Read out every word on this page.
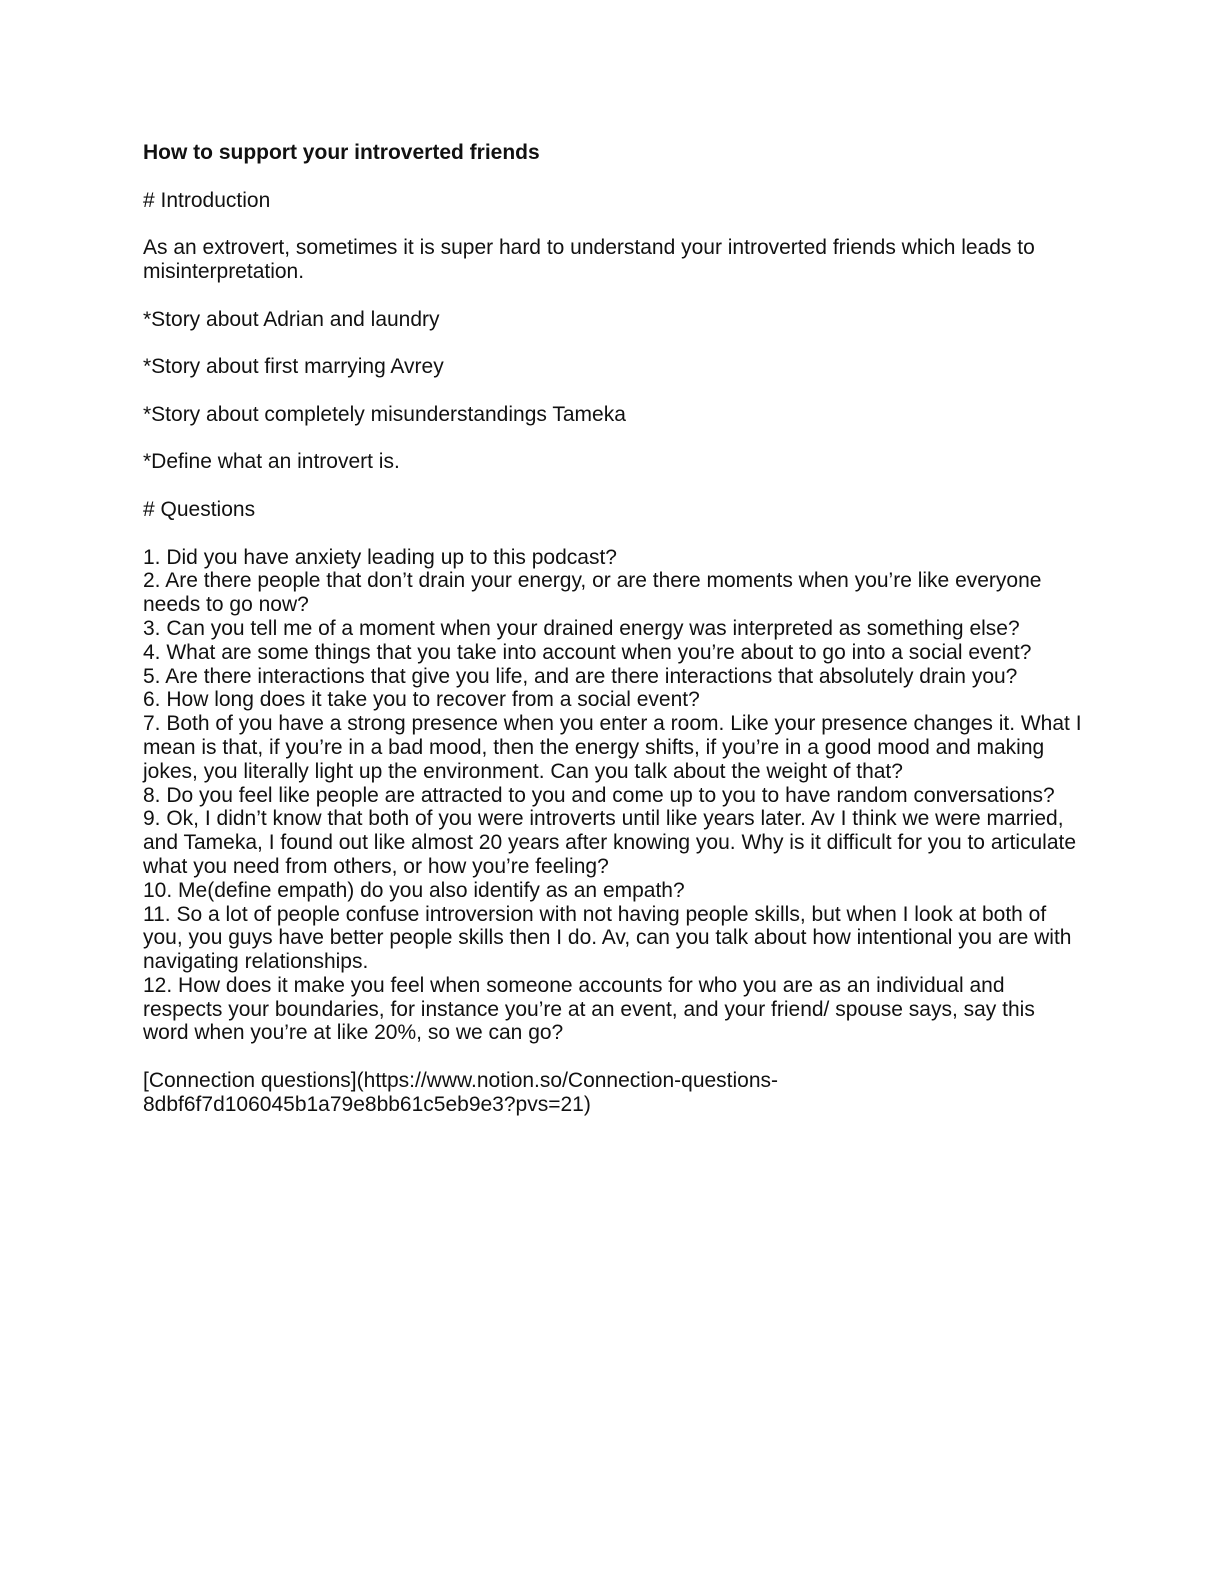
How to support your introverted friends

# Introduction

As an extrovert, sometimes it is super hard to understand your introverted friends which leads to misinterpretation.

*Story about Adrian and laundry

*Story about first marrying Avrey

*Story about completely misunderstandings Tameka

*Define what an introvert is.

# Questions

1. Did you have anxiety leading up to this podcast?
2. Are there people that don’t drain your energy, or are there moments when you’re like everyone needs to go now?
3. Can you tell me of a moment when your drained energy was interpreted as something else?
4. What are some things that you take into account when you’re about to go into a social event?
5. Are there interactions that give you life, and are there interactions that absolutely drain you?
6. How long does it take you to recover from a social event?
7. Both of you have a strong presence when you enter a room. Like your presence changes it. What I mean is that, if you’re in a bad mood, then the energy shifts, if you’re in a good mood and making jokes, you literally light up the environment. Can you talk about the weight of that?
8. Do you feel like people are attracted to you and come up to you to have random conversations?
9. Ok, I didn’t know that both of you were introverts until like years later. Av I think we were married, and Tameka, I found out like almost 20 years after knowing you. Why is it difficult for you to articulate what you need from others, or how you’re feeling?
10. Me(define empath) do you also identify as an empath?
11. So a lot of people confuse introversion with not having people skills, but when I look at both of you, you guys have better people skills then I do. Av, can you talk about how intentional you are with navigating relationships.
12. How does it make you feel when someone accounts for who you are as an individual and respects your boundaries, for instance you’re at an event, and your friend/ spouse says, say this word when you’re at like 20%, so we can go?

[Connection questions](https://www.notion.so/Connection-questions-8dbf6f7d106045b1a79e8bb61c5eb9e3?pvs=21)
